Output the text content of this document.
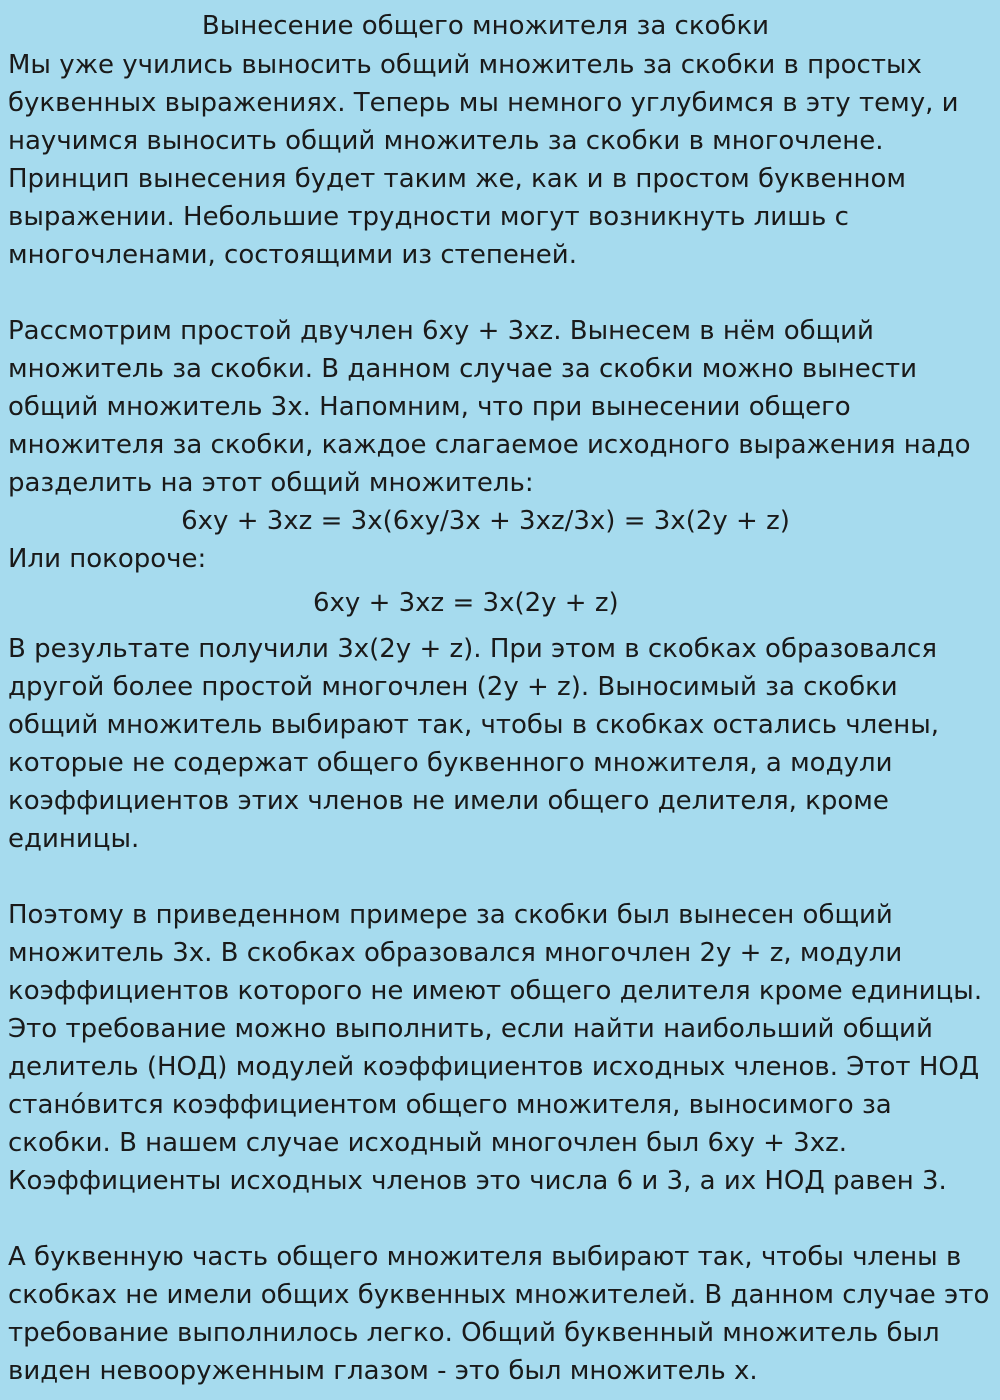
Вынесение общего множителя за скобки

Мы уже учились выносить общий множитель за скобки в простых буквенных выражениях. Теперь мы немного углубимся в эту тему, и научимся выносить общий множитель за скобки в многочлене. Принцип вынесения будет таким же, как и в простом буквенном выражении. Небольшие трудности могут возникнуть лишь с многочленами, состоящими из степеней.

Рассмотрим простой двучлен 6xy + 3xz. Вынесем в нём общий множитель за скобки. В данном случае за скобки можно вынести общий множитель 3x. Напомним, что при вынесении общего множителя за скобки, каждое слагаемое исходного выражения надо разделить на этот общий множитель:

6xy + 3xz = 3x(6xy/3x + 3xz/3x) = 3x(2y + z)

Или покороче:

6xy + 3xz = 3x(2y + z)

В результате получили 3x(2y + z). При этом в скобках образовался другой более простой многочлен (2y + z). Выносимый за скобки общий множитель выбирают так, чтобы в скобках остались члены, которые не содержат общего буквенного множителя, а модули коэффициентов этих членов не имели общего делителя, кроме единицы.

Поэтому в приведенном примере за скобки был вынесен общий множитель 3x. В скобках образовался многочлен 2y + z, модули коэффициентов которого не имеют общего делителя кроме единицы. Это требование можно выполнить, если найти наибольший общий делитель (НОД) модулей коэффициентов исходных членов. Этот НОД стано́вится коэффициентом общего множителя, выносимого за скобки. В нашем случае исходный многочлен был 6xy + 3xz. Коэффициенты исходных членов это числа 6 и 3, а их НОД равен 3.

А буквенную часть общего множителя выбирают так, чтобы члены в скобках не имели общих буквенных множителей. В данном случае это требование выполнилось легко. Общий буквенный множитель был виден невооруженным глазом - это был множитель x.
